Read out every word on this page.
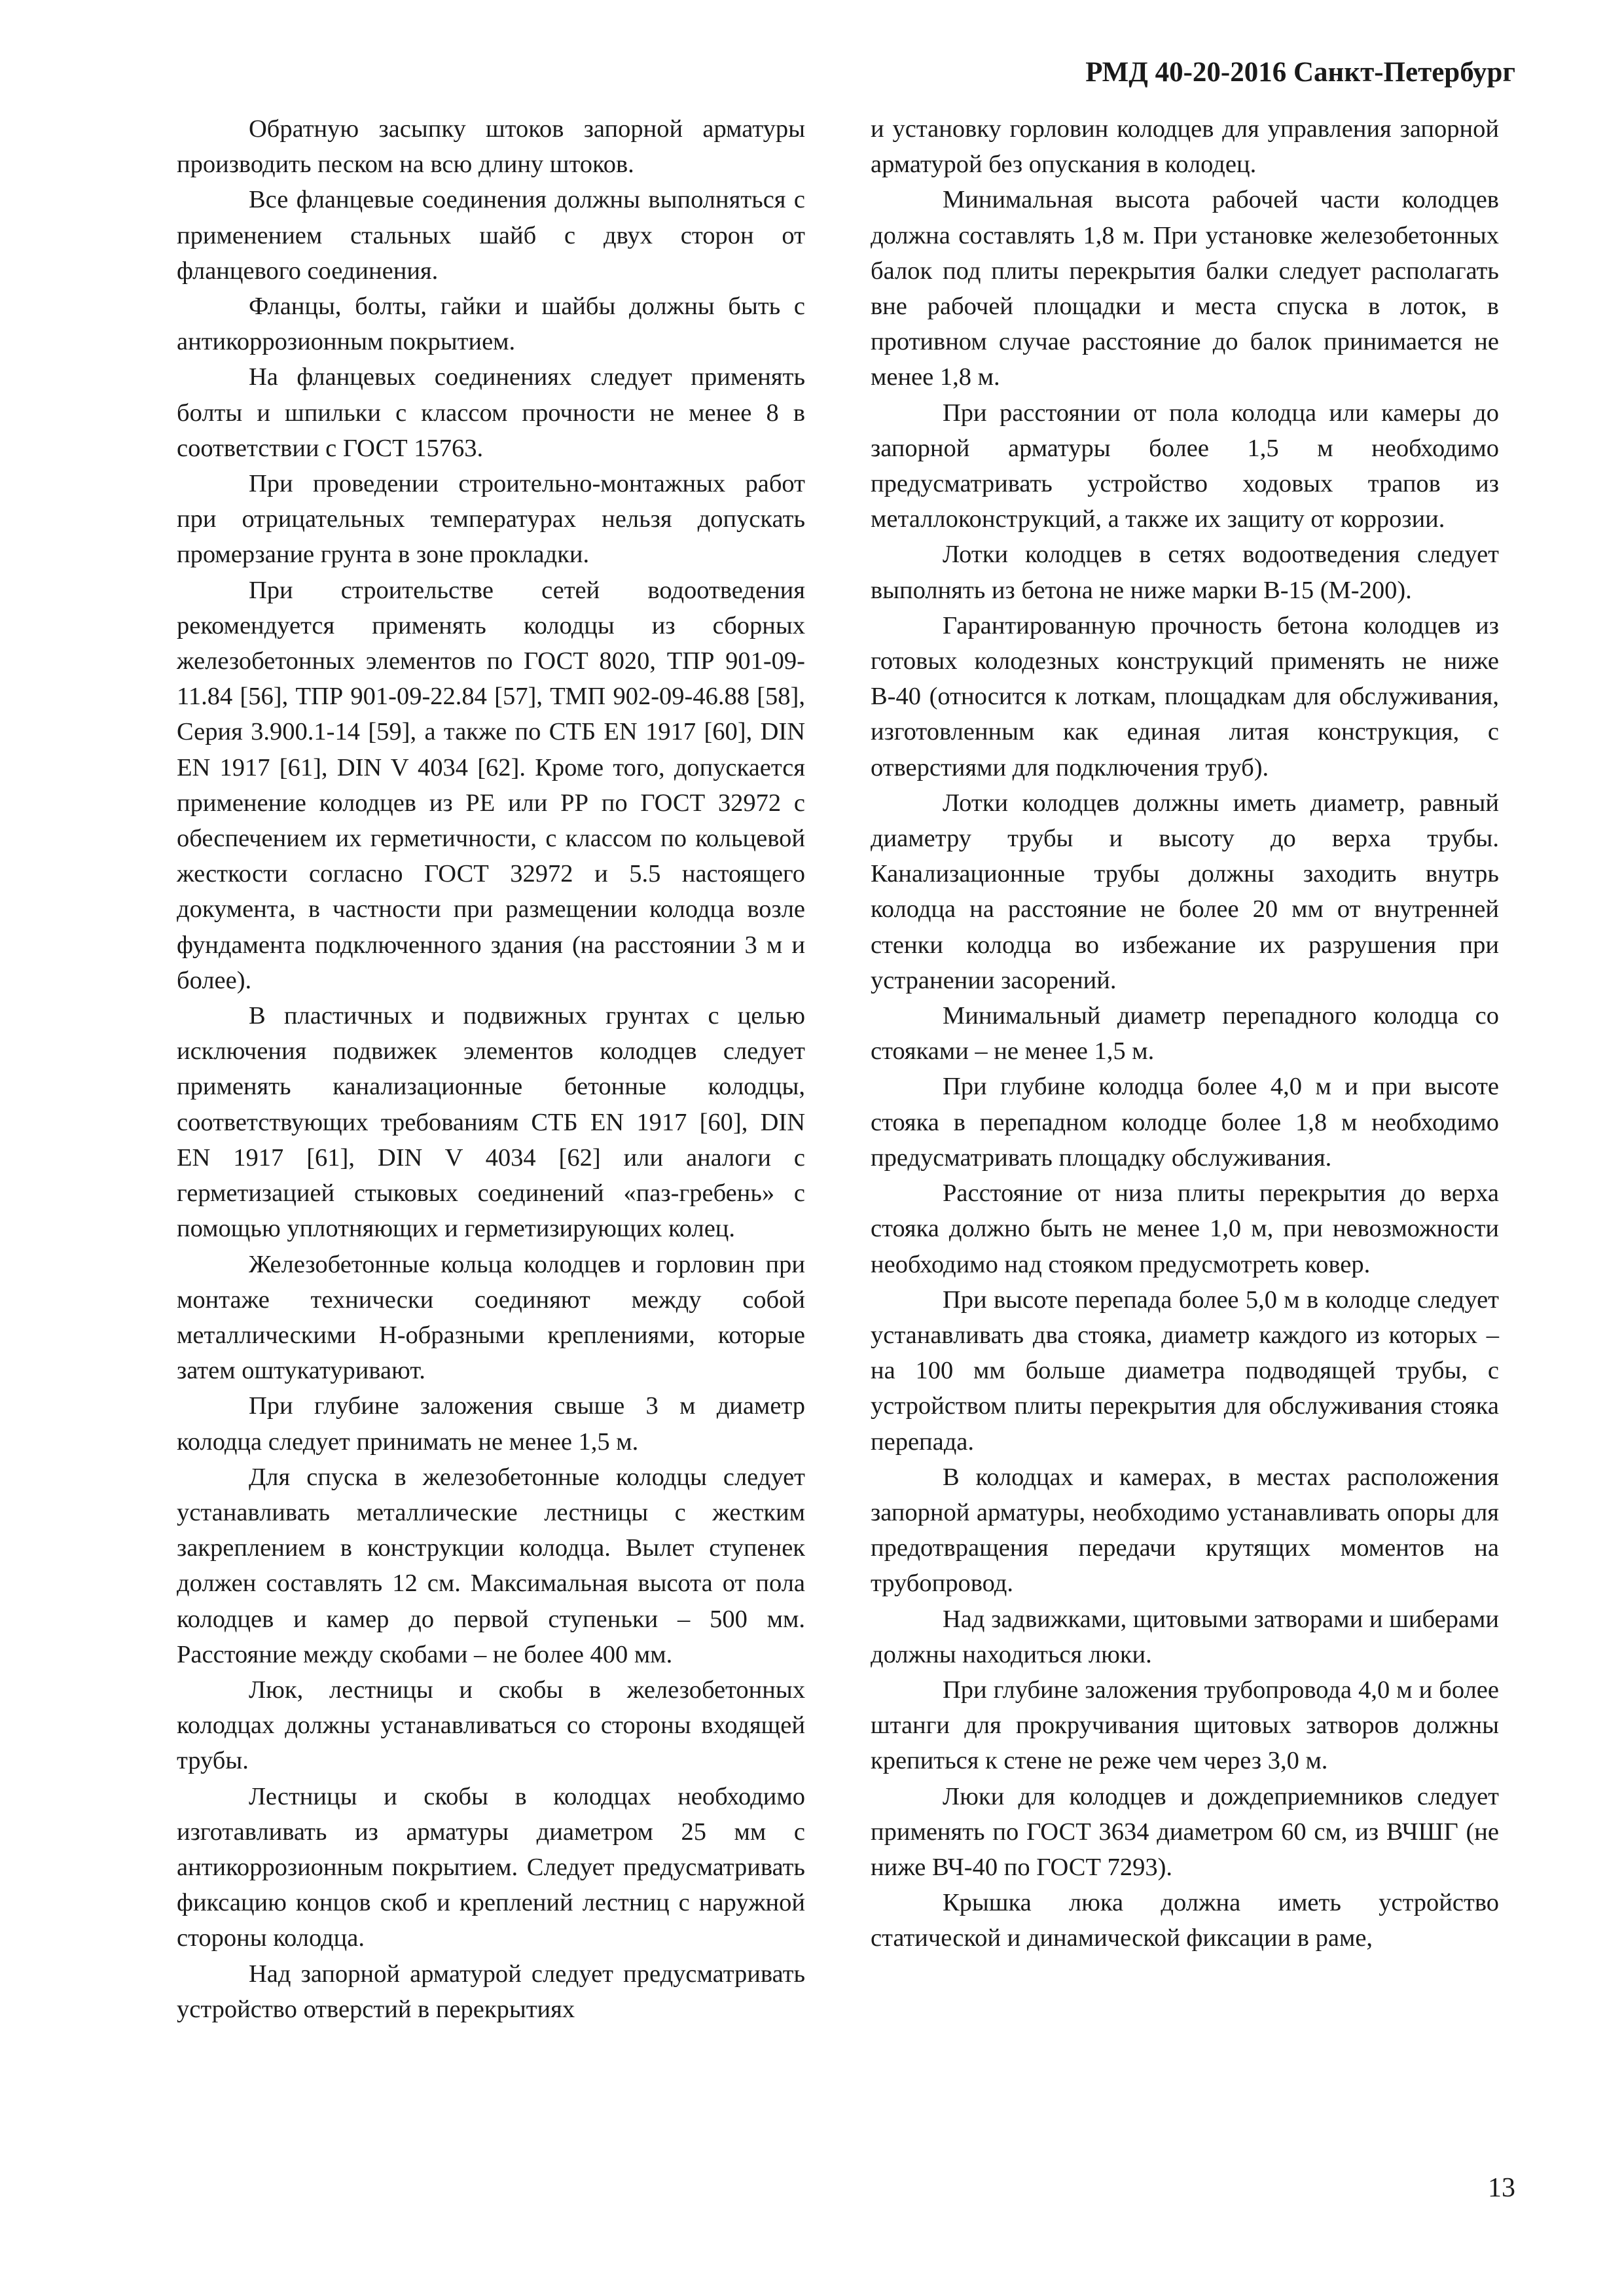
РМД 40-20-2016 Санкт-Петербург

Обратную засыпку штоков запорной арматуры производить песком на всю длину штоков.

Все фланцевые соединения должны выполняться с применением стальных шайб с двух сторон от фланцевого соединения.

Фланцы, болты, гайки и шайбы должны быть с антикоррозионным покрытием.

На фланцевых соединениях следует применять болты и шпильки с классом прочности не менее 8 в соответствии с ГОСТ 15763.

При проведении строительно-монтажных работ при отрицательных температурах нельзя допускать промерзание грунта в зоне прокладки.

При строительстве сетей водоотведения рекомендуется применять колодцы из сборных железобетонных элементов по ГОСТ 8020, ТПР 901-09-11.84 [56], ТПР 901-09-22.84 [57], ТМП 902-09-46.88 [58], Серия 3.900.1-14 [59], а также по СТБ EN 1917 [60], DIN EN 1917 [61], DIN V 4034 [62]. Кроме того, допускается применение колодцев из РЕ или РР по ГОСТ 32972 с обеспечением их герметичности, с классом по кольцевой жесткости согласно ГОСТ 32972 и 5.5 настоящего документа, в частности при размещении колодца возле фундамента подключенного здания (на расстоянии 3 м и более).

В пластичных и подвижных грунтах с целью исключения подвижек элементов колодцев следует применять канализационные бетонные колодцы, соответствующих требованиям СТБ EN 1917 [60], DIN EN 1917 [61], DIN V 4034 [62] или аналоги с герметизацией стыковых соединений «паз-гребень» с помощью уплотняющих и герметизирующих колец.

Железобетонные кольца колодцев и горловин при монтаже технически соединяют между собой металлическими Н-образными креплениями, которые затем оштукатуривают.

При глубине заложения свыше 3 м диаметр колодца следует принимать не менее 1,5 м.

Для спуска в железобетонные колодцы следует устанавливать металлические лестницы с жестким закреплением в конструкции колодца. Вылет ступенек должен составлять 12 см. Максимальная высота от пола колодцев и камер до первой ступеньки – 500 мм. Расстояние между скобами – не более 400 мм.

Люк, лестницы и скобы в железобетонных колодцах должны устанавливаться со стороны входящей трубы.

Лестницы и скобы в колодцах необходимо изготавливать из арматуры диаметром 25 мм с антикоррозионным покрытием. Следует предусматривать фиксацию концов скоб и креплений лестниц с наружной стороны колодца.

Над запорной арматурой следует предусматривать устройство отверстий в перекрытиях

и установку горловин колодцев для управления запорной арматурой без опускания в колодец.

Минимальная высота рабочей части колодцев должна составлять 1,8 м. При установке железобетонных балок под плиты перекрытия балки следует располагать вне рабочей площадки и места спуска в лоток, в противном случае расстояние до балок принимается не менее 1,8 м.

При расстоянии от пола колодца или камеры до запорной арматуры более 1,5 м необходимо предусматривать устройство ходовых трапов из металлоконструкций, а также их защиту от коррозии.

Лотки колодцев в сетях водоотведения следует выполнять из бетона не ниже марки В-15 (М-200).

Гарантированную прочность бетона колодцев из готовых колодезных конструкций применять не ниже В-40 (относится к лоткам, площадкам для обслуживания, изготовленным как единая литая конструкция, с отверстиями для подключения труб).

Лотки колодцев должны иметь диаметр, равный диаметру трубы и высоту до верха трубы. Канализационные трубы должны заходить внутрь колодца на расстояние не более 20 мм от внутренней стенки колодца во избежание их разрушения при устранении засорений.

Минимальный диаметр перепадного колодца со стояками – не менее 1,5 м.

При глубине колодца более 4,0 м и при высоте стояка в перепадном колодце более 1,8 м необходимо предусматривать площадку обслуживания.

Расстояние от низа плиты перекрытия до верха стояка должно быть не менее 1,0 м, при невозможности необходимо над стояком предусмотреть ковер.

При высоте перепада более 5,0 м в колодце следует устанавливать два стояка, диаметр каждого из которых – на 100 мм больше диаметра подводящей трубы, с устройством плиты перекрытия для обслуживания стояка перепада.

В колодцах и камерах, в местах расположения запорной арматуры, необходимо устанавливать опоры для предотвращения передачи крутящих моментов на трубопровод.

Над задвижками, щитовыми затворами и шиберами должны находиться люки.

При глубине заложения трубопровода 4,0 м и более штанги для прокручивания щитовых затворов должны крепиться к стене не реже чем через 3,0 м.

Люки для колодцев и дождеприемников следует применять по ГОСТ 3634 диаметром 60 см, из ВЧШГ (не ниже ВЧ-40 по ГОСТ 7293).

Крышка люка должна иметь устройство статической и динамической фиксации в раме,

13
